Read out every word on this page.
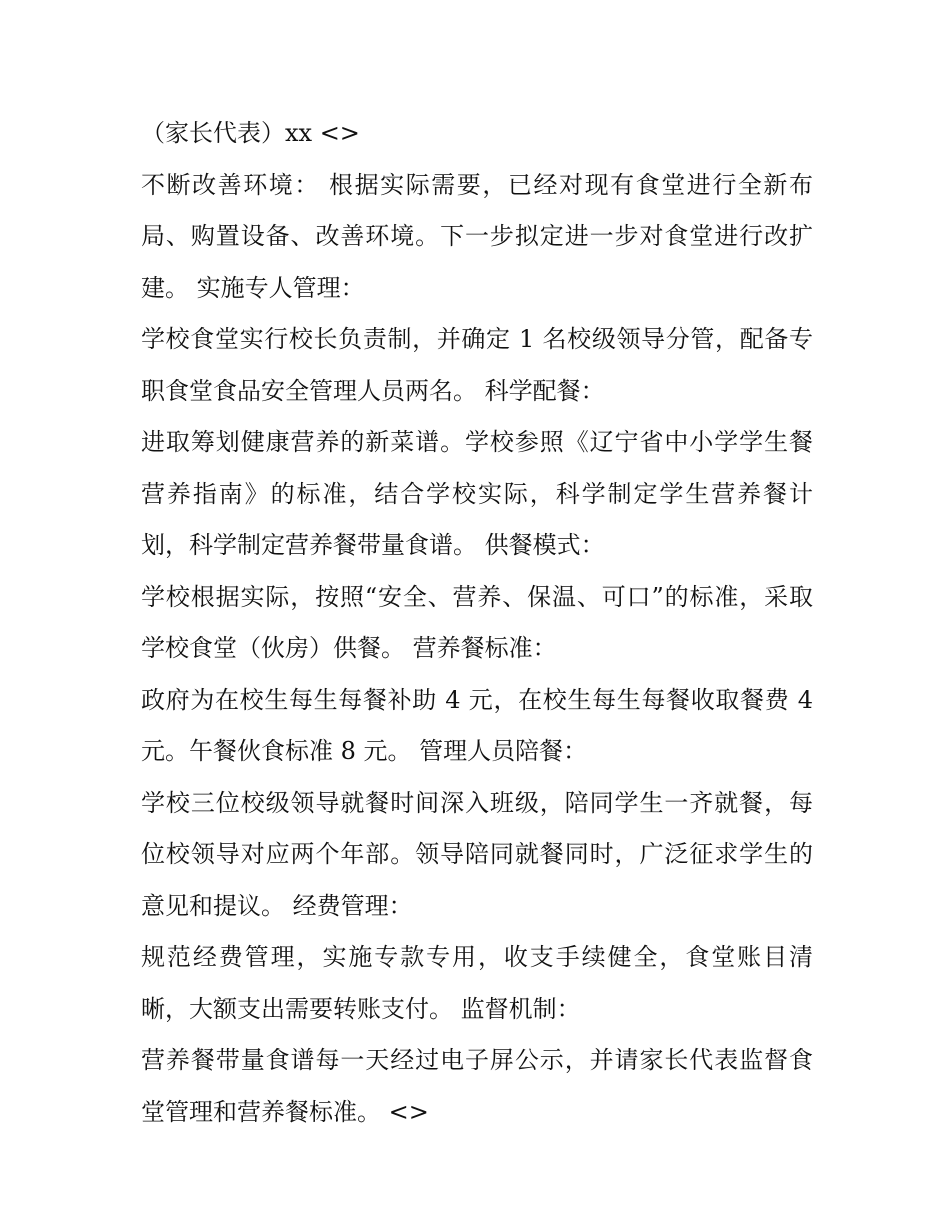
（家长代表）xx <>
不断改善环境： 根据实际需要，已经对现有食堂进行全新布
局、购置设备、改善环境。下一步拟定进一步对食堂进行改扩
建。 实施专人管理：
学校食堂实行校长负责制，并确定 1 名校级领导分管，配备专
职食堂食品安全管理人员两名。 科学配餐：
进取筹划健康营养的新菜谱。学校参照《辽宁省中小学学生餐
营养指南》的标准，结合学校实际，科学制定学生营养餐计
划，科学制定营养餐带量食谱。 供餐模式：
学校根据实际，按照“安全、营养、保温、可口”的标准，采取
学校食堂（伙房）供餐。 营养餐标准：
政府为在校生每生每餐补助 4 元，在校生每生每餐收取餐费 4
元。午餐伙食标准 8 元。 管理人员陪餐：
学校三位校级领导就餐时间深入班级，陪同学生一齐就餐，每
位校领导对应两个年部。领导陪同就餐同时，广泛征求学生的
意见和提议。 经费管理：
规范经费管理，实施专款专用，收支手续健全，食堂账目清
晰，大额支出需要转账支付。 监督机制：
营养餐带量食谱每一天经过电子屏公示，并请家长代表监督食
堂管理和营养餐标准。 <>
